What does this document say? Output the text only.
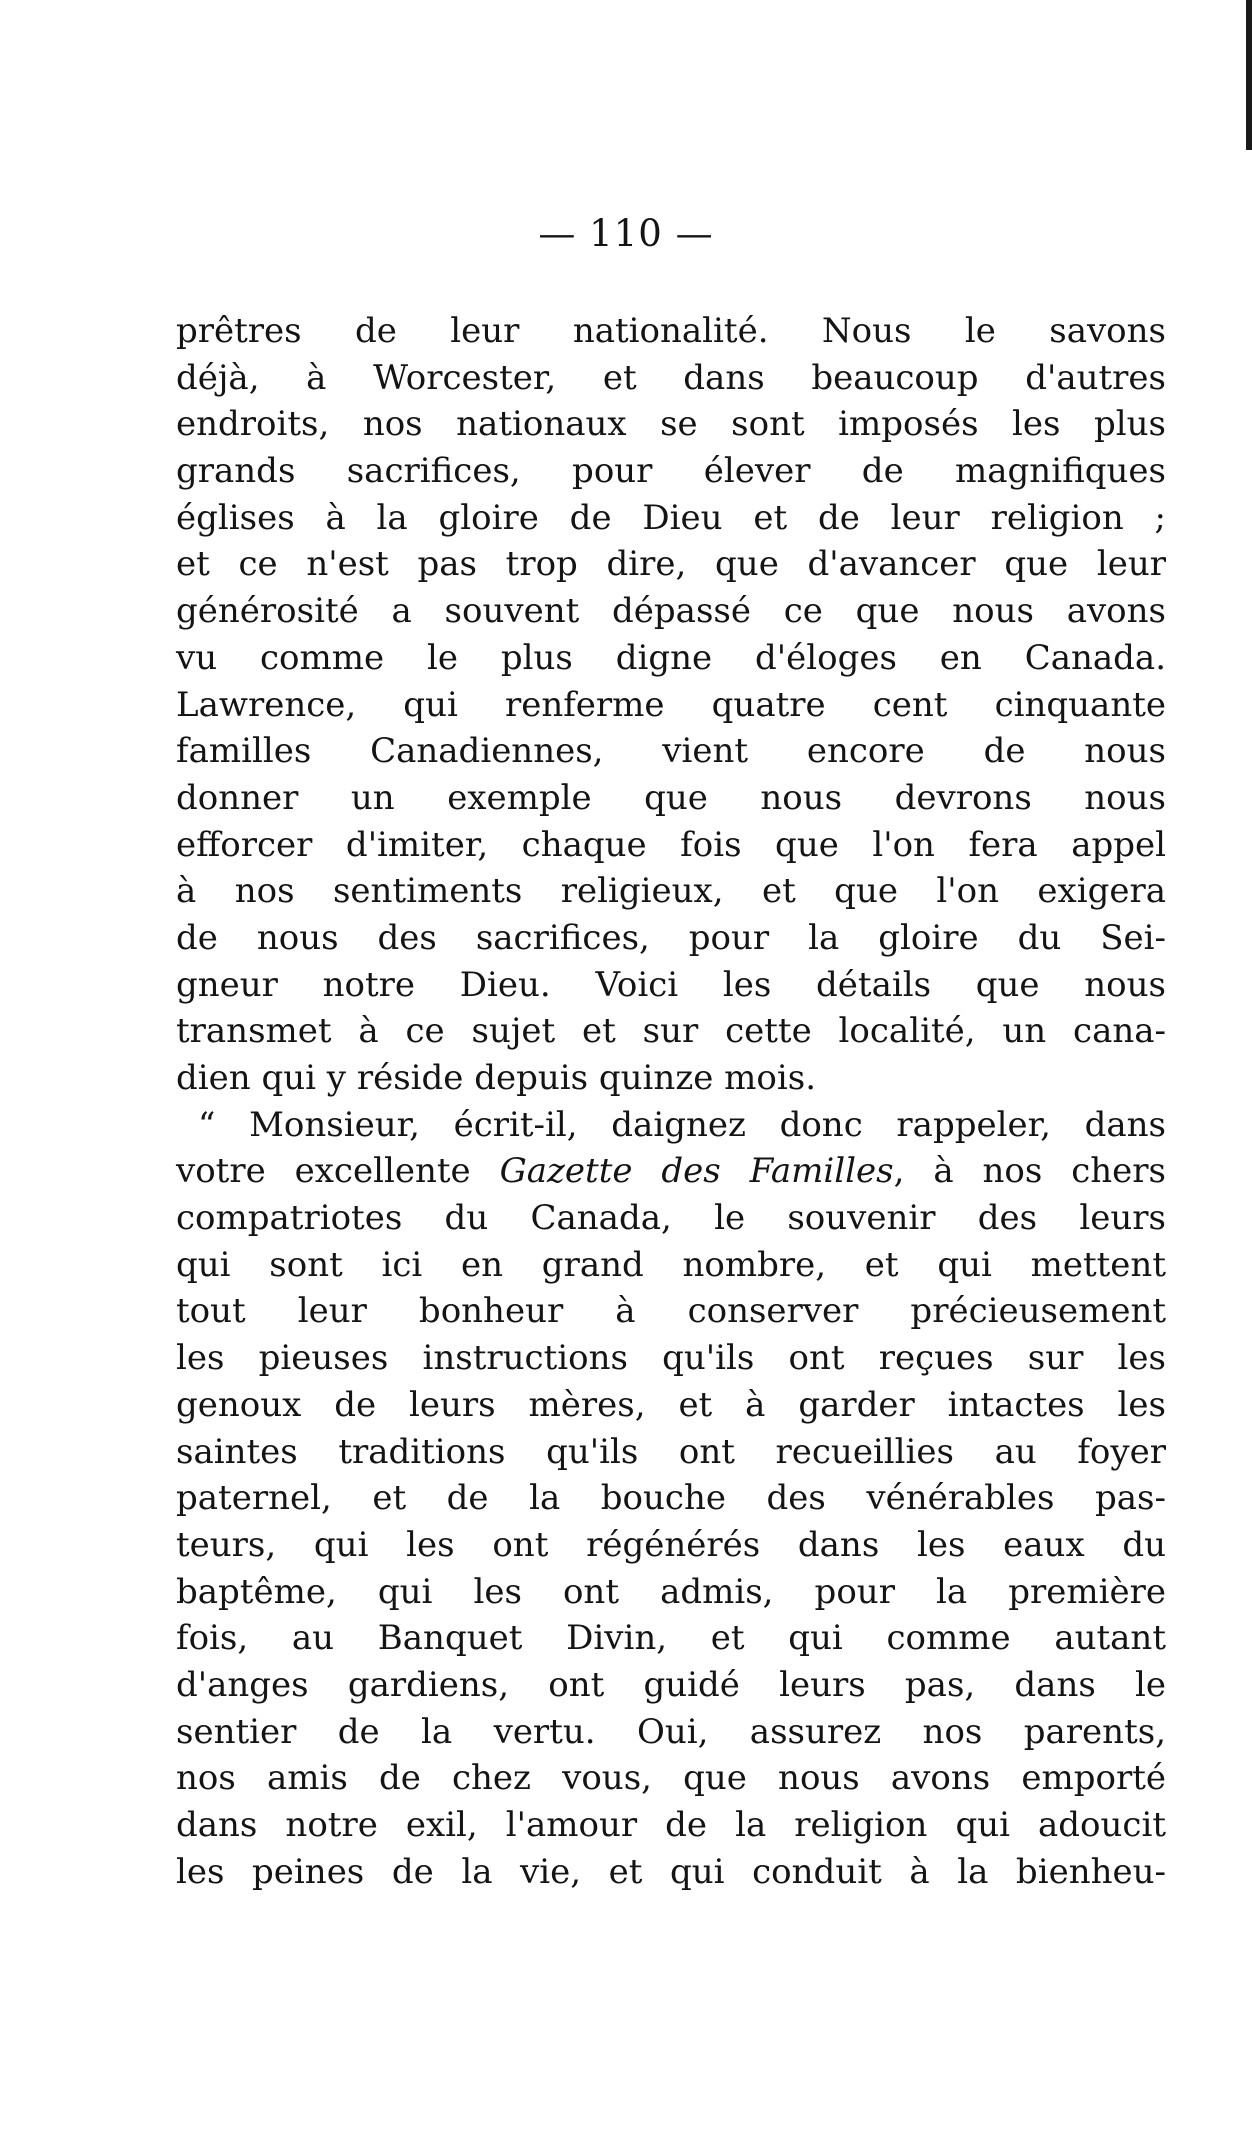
— 110 —
prêtres de leur nationalité. Nous le savons
déjà, à Worcester, et dans beaucoup d'autres
endroits, nos nationaux se sont imposés les plus
grands sacrifices, pour élever de magnifiques
églises à la gloire de Dieu et de leur religion ;
et ce n'est pas trop dire, que d'avancer que leur
générosité a souvent dépassé ce que nous avons
vu comme le plus digne d'éloges en Canada.
Lawrence, qui renferme quatre cent cinquante
familles Canadiennes, vient encore de nous
donner un exemple que nous devrons nous
efforcer d'imiter, chaque fois que l'on fera appel
à nos sentiments religieux, et que l'on exigera
de nous des sacrifices, pour la gloire du Sei-
gneur notre Dieu. Voici les détails que nous
transmet à ce sujet et sur cette localité, un cana-
dien qui y réside depuis quinze mois.
“ Monsieur, écrit-il, daignez donc rappeler, dans
votre excellente Gazette des Familles, à nos chers
compatriotes du Canada, le souvenir des leurs
qui sont ici en grand nombre, et qui mettent
tout leur bonheur à conserver précieusement
les pieuses instructions qu'ils ont reçues sur les
genoux de leurs mères, et à garder intactes les
saintes traditions qu'ils ont recueillies au foyer
paternel, et de la bouche des vénérables pas-
teurs, qui les ont régénérés dans les eaux du
baptême, qui les ont admis, pour la première
fois, au Banquet Divin, et qui comme autant
d'anges gardiens, ont guidé leurs pas, dans le
sentier de la vertu. Oui, assurez nos parents,
nos amis de chez vous, que nous avons emporté
dans notre exil, l'amour de la religion qui adoucit
les peines de la vie, et qui conduit à la bienheu-
